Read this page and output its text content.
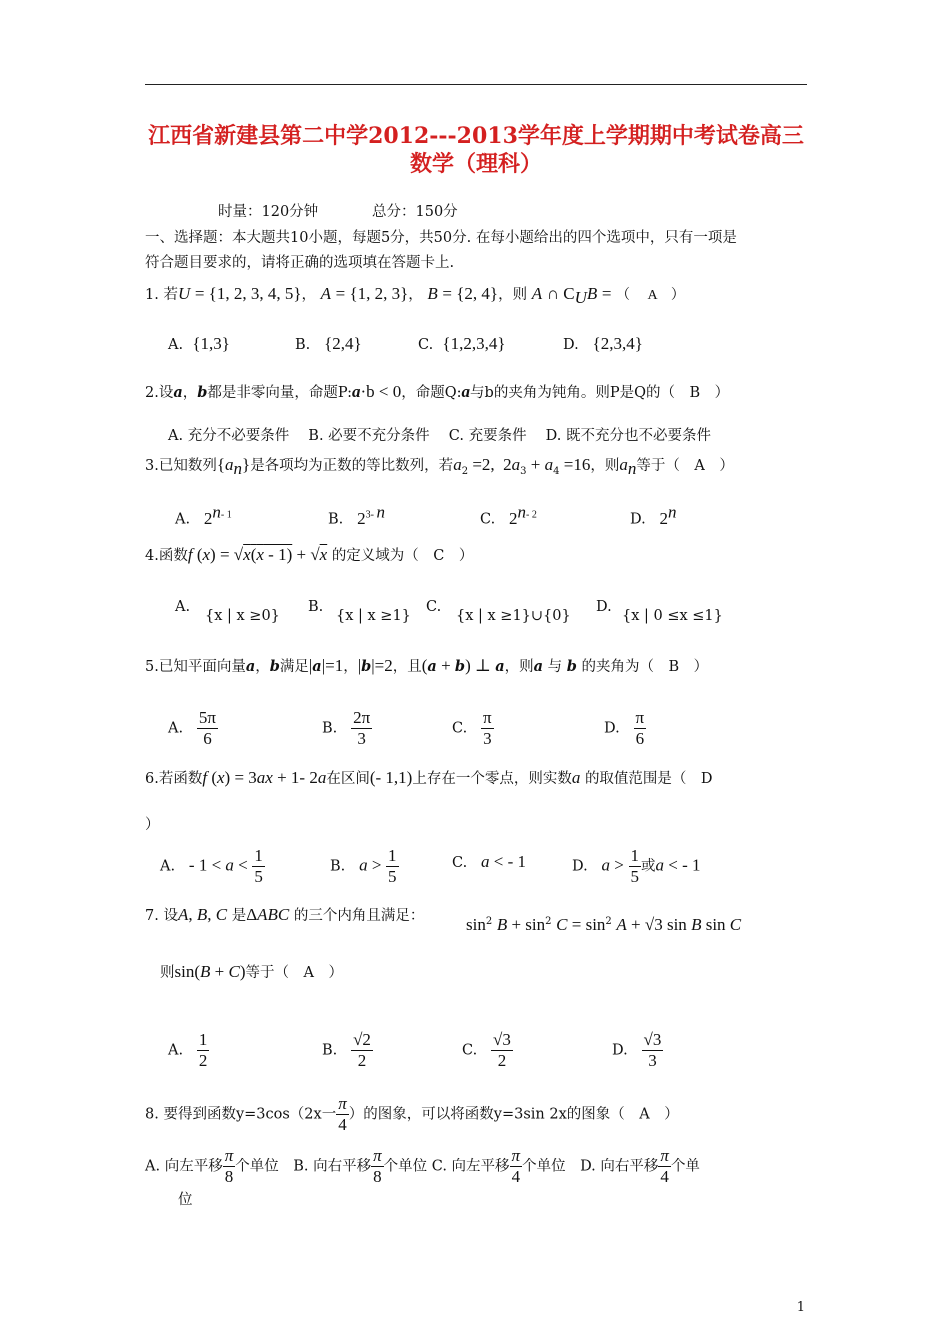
江西省新建县第二中学2012---2013学年度上学期期中考试卷高三
数学（理科）
时量：120分钟	总分：150分
一、选择题：本大题共10小题，每题5分，共50分. 在每小题给出的四个选项中，只有一项是
符合题目要求的，请将正确的选项填在答题卡上.
1. 若U = {1, 2, 3, 4, 5}， A = {1, 2, 3}， B = {2, 4}，则 A ∩ $C_UB$ = （　 A　）
A. {1,3}	B. {2,4}	C. {1,2,3,4}	D. {2,3,4}
2.设a，b都是非零向量，命题P:a·b < 0，命题Q:a与b的夹角为钝角。则P是Q的（　B　）
A. 充分不必要条件　 B. 必要不充分条件　 C. 充要条件　 D. 既不充分也不必要条件
3.已知数列$\{a_n\}$是各项均为正数的等比数列，若$a_2 =2$,  $2a_3 + a_4 =16$，则$a_n$等于（　A　）
A. 2$^{n- 1}$	B. $2^{3-}$ $^n$	C. 2$^{n- 2}$	D. 2$^n$
4.函数f (x) = √x(x - 1) + √x 的定义域为（　C　）
A.
{x | x ≥0}
B.
{x | x ≥1}
C.
{x | x ≥1}∪{0}
D.
{x | 0 ≤x ≤1}
5.已知平面向量a，b满足|a|=1，|b|=2，且(a + b) ⊥ a，则a 与 b 的夹角为（　B　）
A. $\frac{5\pi}{6}$	B. $\frac{2\pi}{3}$	C. $\frac{\pi}{3}$	D. $\frac{\pi}{6}$
6.若函数f (x) = 3ax + 1- 2a在区间(- 1,1)上存在一个零点，则实数a 的取值范围是（　D
）
A. - $1 < a < \frac{1}{5}$	B. $a > \frac{1}{5}$	C. a < - 1	D. $a > \frac{1}{5}$ 或a < - 1
7. 设A, B, C 是ΔABC 的三个内角且满足： $\sin^2 B + \sin^2 C = \sin^2 A + √3$ sin B sin C
则sin(B + C)等于（　A　）
A. $\frac{1}{2}$	B. $\frac{√2}{2}$	C. $\frac{√3}{2}$	D. $\frac{√3}{3}$
8. 要得到函数y=3cos（2x一 $\frac{\pi}{4}$ ）的图象，可以将函数y=3sin 2x的图象（　A　）
A. 向左平移 $\frac{\pi}{8}$ 个单位　B. 向右平移 $\frac{\pi}{8}$ 个单位 C. 向左平移 $\frac{\pi}{4}$ 个单位　D. 向右平移 $\frac{\pi}{4}$ 个单
位
1
